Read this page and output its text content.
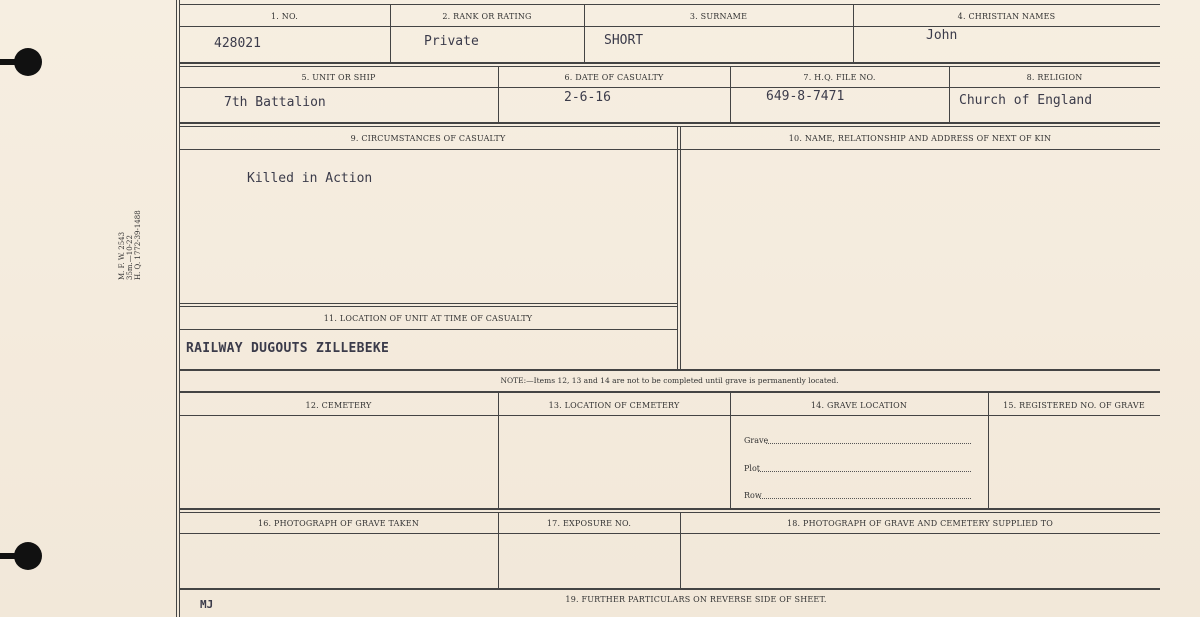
M. F. W. 2543 35m.—10-22 H. Q. 1772-39-1488
1. NO.	2. RANK OR RATING	3. SURNAME	4. CHRISTIAN NAMES
428021	Private	SHORT	John
5. UNIT OR SHIP	6. DATE OF CASUALTY	7. H.Q. FILE NO.	8. RELIGION
7th Battalion	2-6-16	649-8-7471	Church of England
9. CIRCUMSTANCES OF CASUALTY	10. NAME, RELATIONSHIP AND ADDRESS OF NEXT OF KIN
Killed in Action
11. LOCATION OF UNIT AT TIME OF CASUALTY
RAILWAY DUGOUTS ZILLEBEKE
NOTE:—Items 12, 13 and 14 are not to be completed until grave is permanently located.
12. CEMETERY	13. LOCATION OF CEMETERY	14. GRAVE LOCATION	15. REGISTERED NO. OF GRAVE
Grave
Plot
Row
16. PHOTOGRAPH OF GRAVE TAKEN	17. EXPOSURE NO.	18. PHOTOGRAPH OF GRAVE AND CEMETERY SUPPLIED TO
19. FURTHER PARTICULARS ON REVERSE SIDE OF SHEET.
MJ
